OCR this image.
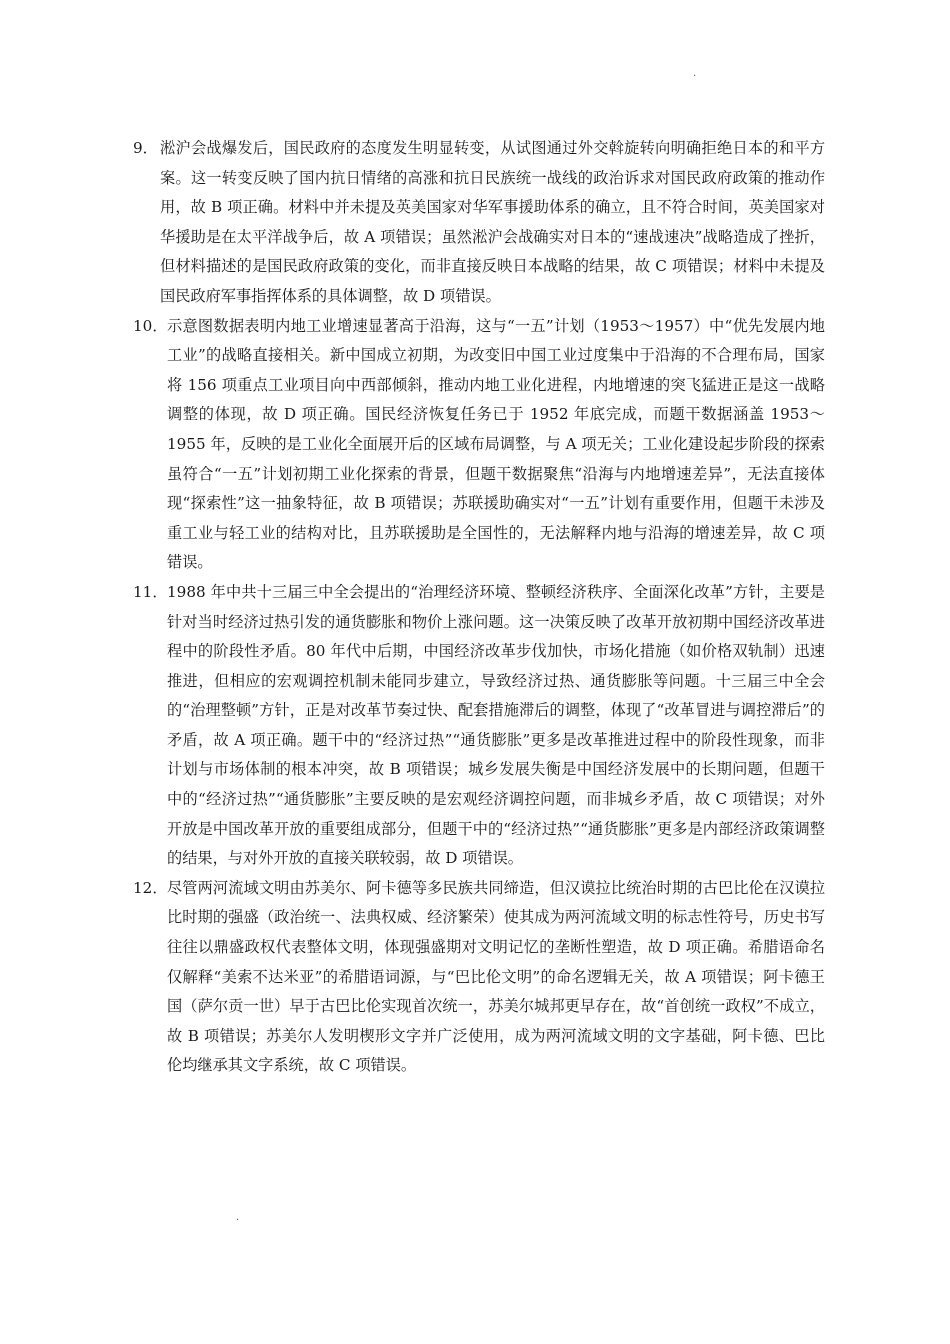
.

9． 淞沪会战爆发后，国民政府的态度发生明显转变，从试图通过外交斡旋转向明确拒绝日本的和平方案。这一转变反映了国内抗日情绪的高涨和抗日民族统一战线的政治诉求对国民政府政策的推动作用，故 B 项正确。材料中并未提及英美国家对华军事援助体系的确立，且不符合时间，英美国家对华援助是在太平洋战争后，故 A 项错误；虽然淞沪会战确实对日本的“速战速决”战略造成了挫折，但材料描述的是国民政府政策的变化，而非直接反映日本战略的结果，故 C 项错误；材料中未提及国民政府军事指挥体系的具体调整，故 D 项错误。

10． 示意图数据表明内地工业增速显著高于沿海，这与“一五”计划（1953～1957）中“优先发展内地工业”的战略直接相关。新中国成立初期，为改变旧中国工业过度集中于沿海的不合理布局，国家将 156 项重点工业项目向中西部倾斜，推动内地工业化进程，内地增速的突飞猛进正是这一战略调整的体现，故 D 项正确。国民经济恢复任务已于 1952 年底完成，而题干数据涵盖 1953～1955 年，反映的是工业化全面展开后的区域布局调整，与 A 项无关；工业化建设起步阶段的探索虽符合“一五”计划初期工业化探索的背景，但题干数据聚焦“沿海与内地增速差异”，无法直接体现“探索性”这一抽象特征，故 B 项错误；苏联援助确实对“一五”计划有重要作用，但题干未涉及重工业与轻工业的结构对比，且苏联援助是全国性的，无法解释内地与沿海的增速差异，故 C 项错误。

11． 1988 年中共十三届三中全会提出的“治理经济环境、整顿经济秩序、全面深化改革”方针，主要是针对当时经济过热引发的通货膨胀和物价上涨问题。这一决策反映了改革开放初期中国经济改革进程中的阶段性矛盾。80 年代中后期，中国经济改革步伐加快，市场化措施（如价格双轨制）迅速推进，但相应的宏观调控机制未能同步建立，导致经济过热、通货膨胀等问题。十三届三中全会的“治理整顿”方针，正是对改革节奏过快、配套措施滞后的调整，体现了“改革冒进与调控滞后”的矛盾，故 A 项正确。题干中的“经济过热”“通货膨胀”更多是改革推进过程中的阶段性现象，而非计划与市场体制的根本冲突，故 B 项错误；城乡发展失衡是中国经济发展中的长期问题，但题干中的“经济过热”“通货膨胀”主要反映的是宏观经济调控问题，而非城乡矛盾，故 C 项错误；对外开放是中国改革开放的重要组成部分，但题干中的“经济过热”“通货膨胀”更多是内部经济政策调整的结果，与对外开放的直接关联较弱，故 D 项错误。

12． 尽管两河流域文明由苏美尔、阿卡德等多民族共同缔造，但汉谟拉比统治时期的古巴比伦在汉谟拉比时期的强盛（政治统一、法典权威、经济繁荣）使其成为两河流域文明的标志性符号，历史书写往往以鼎盛政权代表整体文明，体现强盛期对文明记忆的垄断性塑造，故 D 项正确。希腊语命名仅解释“美索不达米亚”的希腊语词源，与“巴比伦文明”的命名逻辑无关，故 A 项错误；阿卡德王国（萨尔贡一世）早于古巴比伦实现首次统一，苏美尔城邦更早存在，故“首创统一政权”不成立，故 B 项错误；苏美尔人发明楔形文字并广泛使用，成为两河流域文明的文字基础，阿卡德、巴比伦均继承其文字系统，故 C 项错误。

.
